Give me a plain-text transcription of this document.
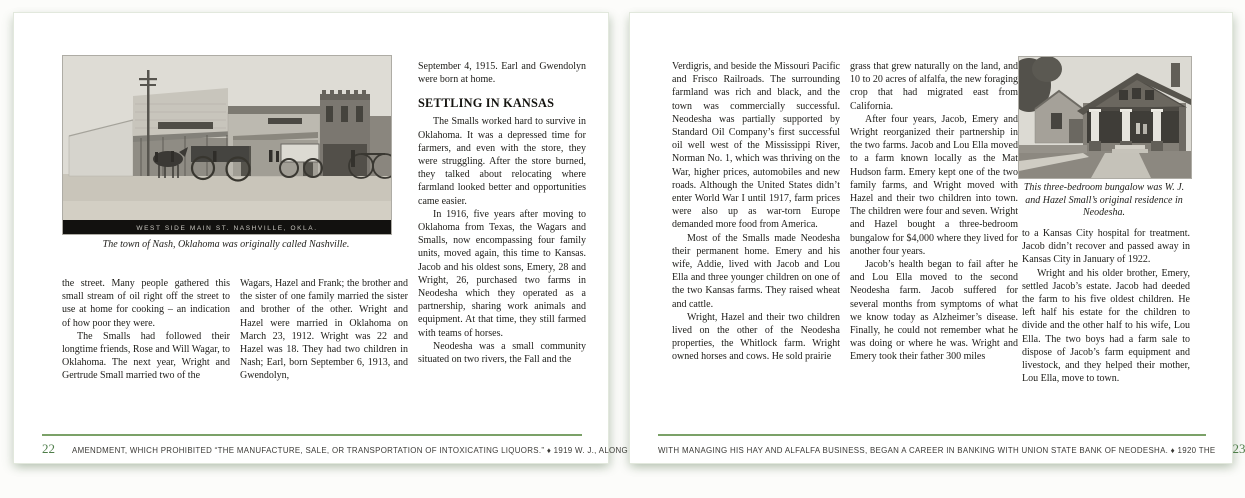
WEST SIDE MAIN ST. NASHVILLE, OKLA.
The town of Nash, Oklahoma was originally called Nashville.

the street. Many people gathered this small stream of oil right off the street to use at home for cooking – an indication of how poor they were.

The Smalls had followed their longtime friends, Rose and Will Wagar, to Oklahoma. The next year, Wright and Gertrude Small married two of the

Wagars, Hazel and Frank; the brother and the sister of one family married the sister and brother of the other. Wright and Hazel were married in Oklahoma on March 23, 1912. Wright was 22 and Hazel was 18. They had two children in Nash; Earl, born September 6, 1913, and Gwendolyn,

September 4, 1915. Earl and Gwendolyn were born at home.

SETTLING IN KANSAS

The Smalls worked hard to survive in Oklahoma. It was a depressed time for farmers, and even with the store, they were struggling. After the store burned, they talked about relocating where farmland looked better and opportunities came easier.

In 1916, five years after moving to Oklahoma from Texas, the Wagars and Smalls, now encompassing four family units, moved again, this time to Kansas. Jacob and his oldest sons, Emery, 28 and Wright, 26, purchased two farms in Neodesha which they operated as a partnership, sharing work animals and equipment. At that time, they still farmed with teams of horses.

Neodesha was a small community situated on two rivers, the Fall and the

22 AMENDMENT, WHICH PROHIBITED “THE MANUFACTURE, SALE, OR TRANSPORTATION OF INTOXICATING LIQUORS.” ♦ 1919 W. J., ALONG

Verdigris, and beside the Missouri Pacific and Frisco Railroads. The surrounding farmland was rich and black, and the town was commercially successful. Neodesha was partially supported by Standard Oil Company’s first successful oil well west of the Mississippi River, Norman No. 1, which was thriving on the War, higher prices, automobiles and new roads. Although the United States didn’t enter World War I until 1917, farm prices were also up as war-torn Europe demanded more food from America.

Most of the Smalls made Neodesha their permanent home. Emery and his wife, Addie, lived with Jacob and Lou Ella and three younger children on one of the two Kansas farms. They raised wheat and cattle.

Wright, Hazel and their two children lived on the other of the Neodesha properties, the Whitlock farm. Wright owned horses and cows. He sold prairie

grass that grew naturally on the land, and 10 to 20 acres of alfalfa, the new foraging crop that had migrated east from California.

After four years, Jacob, Emery and Wright reorganized their partnership in the two farms. Jacob and Lou Ella moved to a farm known locally as the Mat Hudson farm. Emery kept one of the two family farms, and Wright moved with Hazel and their two children into town. The children were four and seven. Wright and Hazel bought a three-bedroom bungalow for $4,000 where they lived for another four years.

Jacob’s health began to fail after he and Lou Ella moved to the second Neodesha farm. Jacob suffered for several months from symptoms of what we know today as Alzheimer’s disease. Finally, he could not remember what he was doing or where he was. Wright and Emery took their father 300 miles

This three-bedroom bungalow was W. J. and Hazel Small’s original residence in Neodesha.

to a Kansas City hospital for treatment. Jacob didn’t recover and passed away in Kansas City in January of 1922.

Wright and his older brother, Emery, settled Jacob’s estate. Jacob had deeded the farm to his five oldest children. He left half his estate for the children to divide and the other half to his wife, Lou Ella. The two boys had a farm sale to dispose of Jacob’s farm equipment and livestock, and they helped their mother, Lou Ella, move to town.

WITH MANAGING HIS HAY AND ALFALFA BUSINESS, BEGAN A CAREER IN BANKING WITH UNION STATE BANK OF NEODESHA. ♦ 1920 THE 23
